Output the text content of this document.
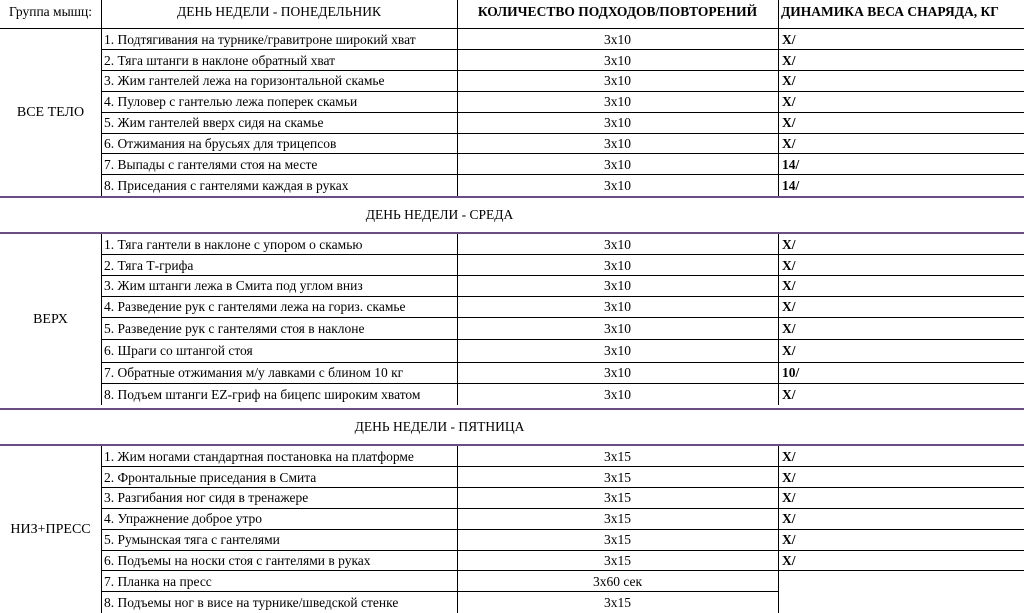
Группа мышц:	ДЕНЬ НЕДЕЛИ - ПОНЕДЕЛЬНИК	КОЛИЧЕСТВО ПОДХОДОВ/ПОВТОРЕНИЙ	ДИНАМИКА ВЕСА СНАРЯДА, КГ
1. Подтягивания на турнике/гравитроне широкий хват	3х10	Х/
2. Тяга штанги в наклоне обратный хват	3х10	Х/
3. Жим гантелей лежа на горизонтальной скамье	3х10	Х/
4. Пуловер с гантелью лежа поперек скамьи	3х10	Х/
5. Жим гантелей вверх сидя на скамье	3х10	Х/
6. Отжимания на брусьях для трицепсов	3х10	Х/
7. Выпады с гантелями стоя на месте	3х10	14/
8. Приседания с гантелями каждая в руках	3х10	14/
ВСЕ ТЕЛО
ДЕНЬ НЕДЕЛИ - СРЕДА
1. Тяга гантели в наклоне с упором о скамью	3х10	Х/
2. Тяга Т-грифа	3х10	Х/
3. Жим штанги лежа в Смита под углом вниз	3х10	Х/
4. Разведение рук с гантелями лежа на гориз. скамье	3х10	Х/
5. Разведение рук с гантелями стоя в наклоне	3х10	Х/
6. Шраги со штангой стоя	3х10	Х/
7. Обратные отжимания м/у лавками с блином 10 кг	3х10	10/
8. Подъем штанги EZ-гриф на бицепс широким хватом	3х10	Х/
ВЕРХ
ДЕНЬ НЕДЕЛИ - ПЯТНИЦА
1. Жим ногами стандартная постановка на платформе	3х15	Х/
2. Фронтальные приседания в Смита	3х15	Х/
3. Разгибания ног сидя в тренажере	3х15	Х/
4. Упражнение доброе утро	3х15	Х/
5. Румынская тяга с гантелями	3х15	Х/
6. Подъемы на носки стоя с гантелями в руках	3х15	Х/
7. Планка на пресс	3х60 сек
8. Подъемы ног в висе на турнике/шведской стенке	3х15
НИЗ+ПРЕСС
